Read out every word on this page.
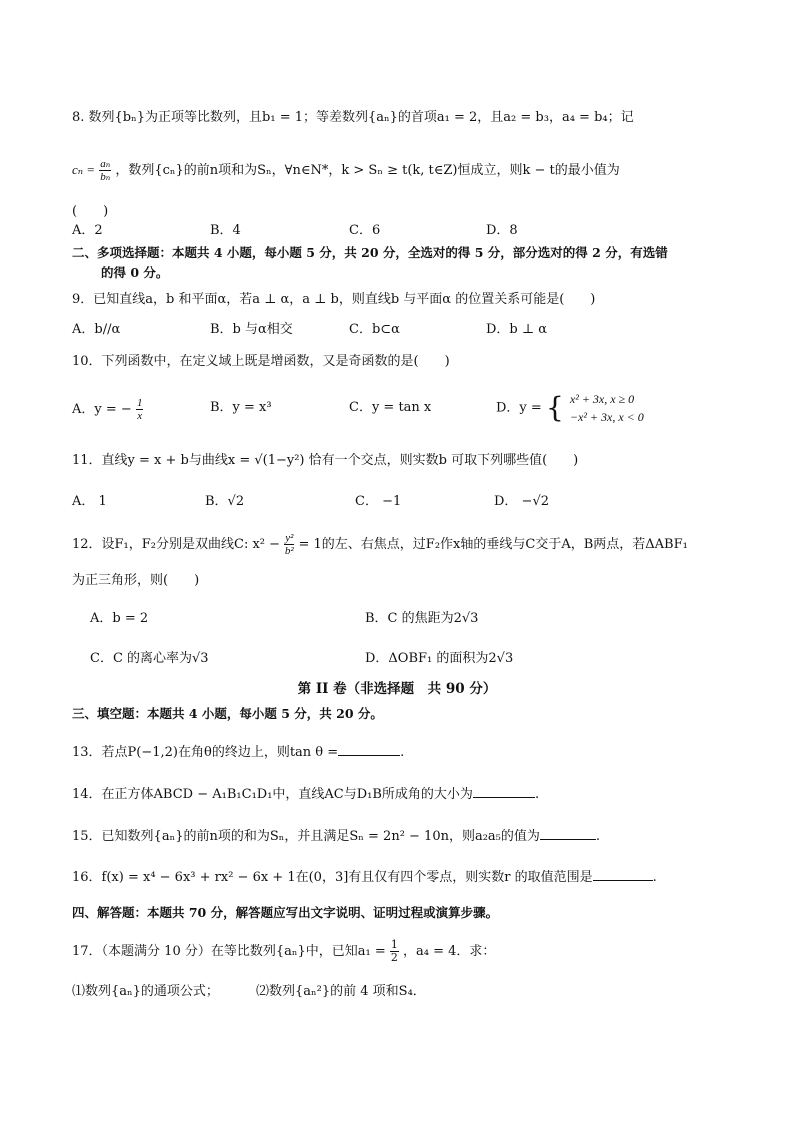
8. 数列{bₙ}为正项等比数列，且b₁ = 1；等差数列{aₙ}的首项a₁ = 2，且a₂ = b₃，a₄ = b₄；记
$c_n = \frac{\text{aₙ}}{\text{bₙ}}$ ，数列{cₙ}的前n项和为Sₙ，∀n∈N*，k > Sₙ ≥ t(k, t∈Z)恒成立，则k − t的最小值为
(　　)
A．2	B．4	C．6	D．8
二、多项选择题：本题共 4 小题，每小题 5 分，共 20 分，全选对的得 5 分，部分选对的得 2 分，有选错
的得 0 分。
9．已知直线a，b 和平面α，若a ⊥ α，a ⊥ b，则直线b 与平面α 的位置关系可能是(　　)
A．b//α	B．b 与α相交	C．b⊂α	D．b ⊥ α
10．下列函数中，在定义域上既是增函数，又是奇函数的是(　　)
A．y = − $\frac{1}{x}$	B．y = x³	C．y = tan x	D．y = { x² + 3x, x ≥ 0
−x² + 3x, x < 0
11．直线y = x + b与曲线x = √(1−y²) 恰有一个交点，则实数b 可取下列哪些值(　　)
A． 1	B．√2	C． −1	D． −√2
12．设F₁，F₂分别是双曲线C: $x^2 - \frac{\text{y²}}{\text{b²}} = 1$的左、右焦点，过F₂作x轴的垂线与C交于A，B两点，若ΔABF₁
为正三角形，则(　　)
A．b = 2	B．C 的焦距为2√3
C．C 的离心率为√3	D．ΔOBF₁ 的面积为2√3
第 II 卷（非选择题　共 90 分）
三、填空题：本题共 4 小题，每小题 5 分，共 20 分。
13．若点P(−1,2)在角θ的终边上，则tan θ =	.
14．在正方体ABCD − A₁B₁C₁D₁中，直线AC与D₁B所成角的大小为	.
15．已知数列{aₙ}的前n项的和为Sₙ，并且满足Sₙ = 2n² − 10n，则a₂a₅的值为	.
16．f(x) = x⁴ − 6x³ + rx² − 6x + 1在(0，3]有且仅有四个零点，则实数r 的取值范围是	.
四、解答题：本题共 70 分，解答题应写出文字说明、证明过程或演算步骤。
17．（本题满分 10 分）在等比数列{aₙ}中，已知$a_1 = \frac{1}{2}$ ，a₄ = 4．求：
⑴数列{aₙ}的通项公式；	⑵数列{aₙ²}的前 4 项和S₄．
